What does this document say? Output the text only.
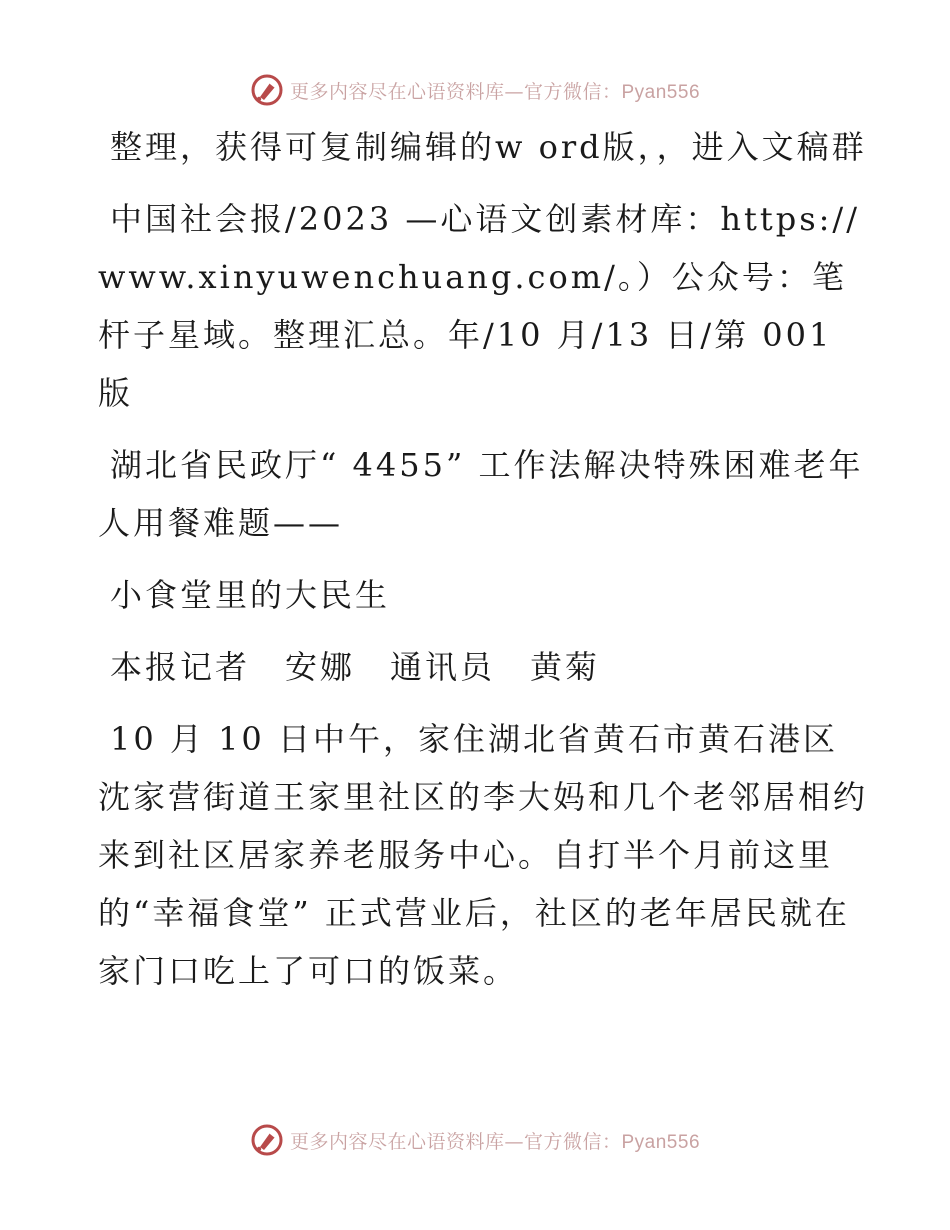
更多内容尽在心语资料库—官方微信：Pyan556

整理，获得可复制编辑的w ord版，，进入文稿群

中国社会报/2023 —心语文创素材库：https://www.xinyuwenchuang.com/。）公众号：笔杆子星域。整理汇总。年/10 月/13 日/第 001 版

湖北省民政厅“ 4455” 工作法解决特殊困难老年人用餐难题——

小食堂里的大民生

本报记者　安娜　通讯员　黄菊

10 月 10 日中午，家住湖北省黄石市黄石港区沈家营街道王家里社区的李大妈和几个老邻居相约来到社区居家养老服务中心。自打半个月前这里的“幸福食堂” 正式营业后，社区的老年居民就在家门口吃上了可口的饭菜。

更多内容尽在心语资料库—官方微信：Pyan556
